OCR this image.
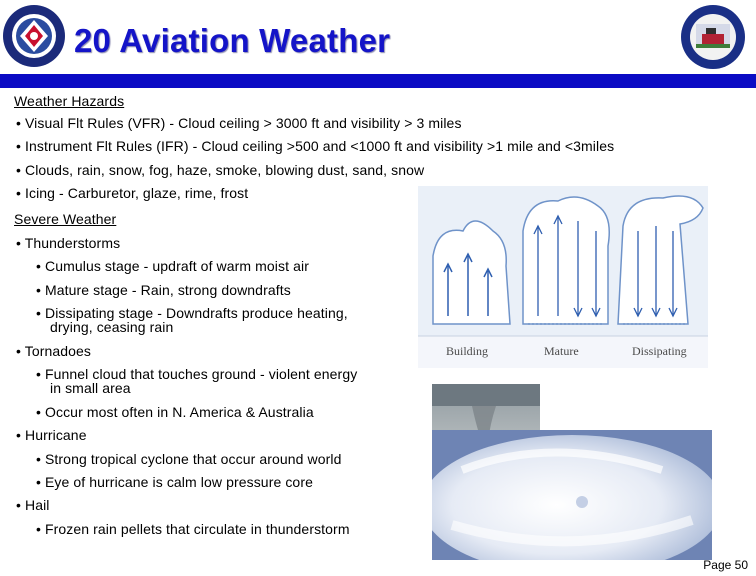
20 Aviation Weather
Weather Hazards
• Visual Flt Rules (VFR) - Cloud ceiling > 3000 ft and visibility > 3 miles
• Instrument Flt Rules (IFR) - Cloud ceiling >500 and <1000 ft and visibility >1 mile and <3miles
• Clouds, rain, snow, fog, haze, smoke, blowing dust, sand, snow
• Icing - Carburetor, glaze, rime, frost
Severe Weather
• Thunderstorms
• Cumulus stage - updraft of warm moist air
• Mature stage - Rain, strong downdrafts
• Dissipating stage - Downdrafts produce heating,
drying, ceasing rain
• Tornadoes
• Funnel cloud that touches ground - violent energy
in small area
• Occur most often in N. America & Australia
• Hurricane
• Strong tropical cyclone that occur around world
• Eye of hurricane is calm low pressure core
• Hail
• Frozen rain pellets that circulate in thunderstorm
Building	Mature	Dissipating
Page 50
